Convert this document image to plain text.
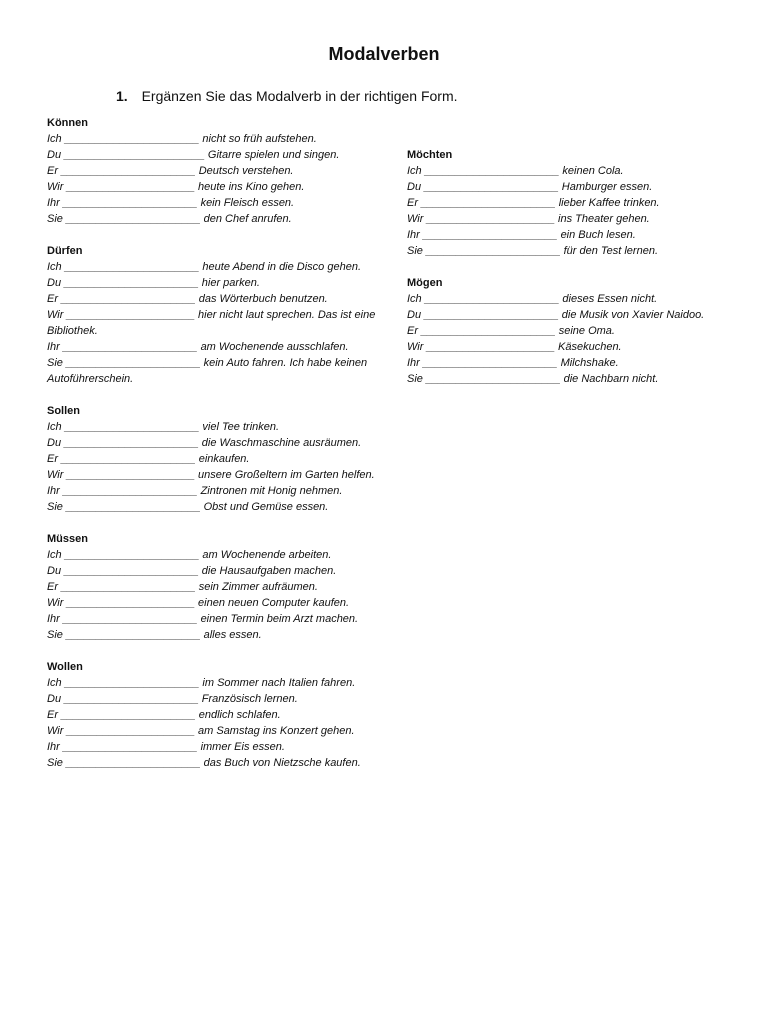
Modalverben
1. Ergänzen Sie das Modalverb in der richtigen Form.
Können
Ich ______________________ nicht so früh aufstehen.
Du _______________________ Gitarre spielen und singen.
Er ______________________ Deutsch verstehen.
Wir _____________________ heute ins Kino gehen.
Ihr ______________________ kein Fleisch essen.
Sie ______________________ den Chef anrufen.
Dürfen
Ich ______________________ heute Abend in die Disco gehen.
Du ______________________ hier parken.
Er ______________________ das Wörterbuch benutzen.
Wir _____________________ hier nicht laut sprechen. Das ist eine Bibliothek.
Ihr ______________________ am Wochenende ausschlafen.
Sie ______________________ kein Auto fahren. Ich habe keinen Autoführerschein.
Sollen
Ich ______________________ viel Tee trinken.
Du ______________________ die Waschmaschine ausräumen.
Er ______________________ einkaufen.
Wir _____________________ unsere Großeltern im Garten helfen.
Ihr ______________________ Zintronen mit Honig nehmen.
Sie ______________________ Obst und Gemüse essen.
Müssen
Ich ______________________ am Wochenende arbeiten.
Du ______________________ die Hausaufgaben machen.
Er ______________________ sein Zimmer aufräumen.
Wir _____________________ einen neuen Computer kaufen.
Ihr ______________________ einen Termin beim Arzt machen.
Sie ______________________ alles essen.
Wollen
Ich ______________________ im Sommer nach Italien fahren.
Du ______________________ Französisch lernen.
Er ______________________ endlich schlafen.
Wir _____________________ am Samstag ins Konzert gehen.
Ihr ______________________ immer Eis essen.
Sie ______________________ das Buch von Nietzsche kaufen.
Möchten
Ich ______________________ keinen Cola.
Du ______________________ Hamburger essen.
Er ______________________ lieber Kaffee trinken.
Wir _____________________ ins Theater gehen.
Ihr ______________________ ein Buch lesen.
Sie ______________________ für den Test lernen.
Mögen
Ich ______________________ dieses Essen nicht.
Du ______________________ die Musik von Xavier Naidoo.
Er ______________________ seine Oma.
Wir _____________________ Käsekuchen.
Ihr ______________________ Milchshake.
Sie ______________________ die Nachbarn nicht.
